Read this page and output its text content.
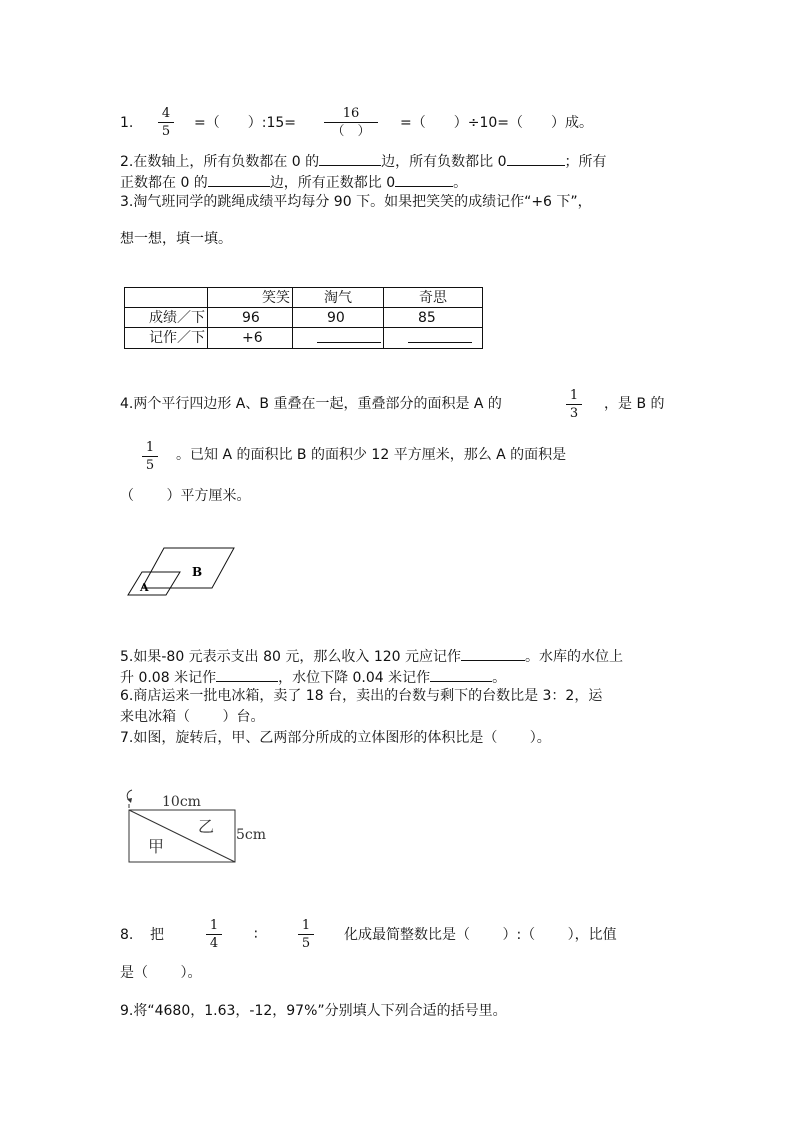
1.
4
5
=（　　）:15=
16
（　）
=（　　）÷10=（　　）成。
2.在数轴上，所有负数都在 0 的	边，所有负数都比 0	；所有
正数都在 0 的	边，所有正数都比 0	。
3.淘气班同学的跳绳成绩平均每分 90 下。如果把笑笑的成绩记作“+6 下”，
想一想，填一填。
	笑笑	淘气	奇思
成绩／下	96	90	85
记作／下	+6		
4.两个平行四边形 A、B 重叠在一起，重叠部分的面积是 A 的
1
3
，是 B 的
1
5
。已知 A 的面积比 B 的面积少 12 平方厘米，那么 A 的面积是
（　　 ）平方厘米。
B
A
5.如果-80 元表示支出 80 元，那么收入 120 元应记作	。水库的水位上
升 0.08 米记作	，水位下降 0.04 米记作	。
6.商店运来一批电冰箱，卖了 18 台，卖出的台数与剩下的台数比是 3：2，运
来电冰箱（　　 ）台。
7.如图，旋转后，甲、乙两部分所成的立体图形的体积比是（　　 ）。
10cm
5cm
甲
乙
8. 把
1
4
∶
1
5
化成最简整数比是（　　 ）:（　　 ），比值
是（　　 ）。
9.将“4680，1.63，-12，97%”分别填人下列合适的括号里。
